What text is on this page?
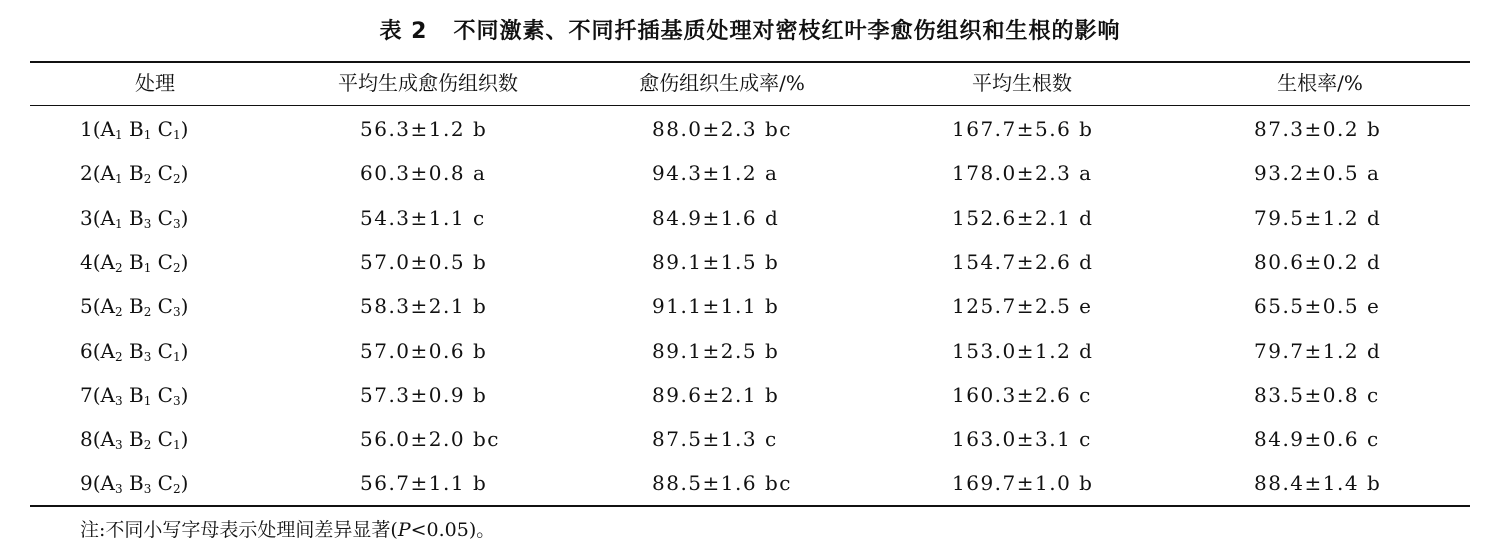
表 2   不同激素、不同扦插基质处理对密枝红叶李愈伤组织和生根的影响
处理	平均生成愈伤组织数	愈伤组织生成率/%	平均生根数	生根率/%
$1(A_1$ $B_1$ $C_1$)	56.3±1.2 b	88.0±2.3 bc	167.7±5.6 b	87.3±0.2 b
$2(A_1$ $B_2$ $C_2$)	60.3±0.8 a	94.3±1.2 a	178.0±2.3 a	93.2±0.5 a
$3(A_1$ $B_3$ $C_3$)	54.3±1.1 c	84.9±1.6 d	152.6±2.1 d	79.5±1.2 d
$4(A_2$ $B_1$ $C_2$)	57.0±0.5 b	89.1±1.5 b	154.7±2.6 d	80.6±0.2 d
$5(A_2$ $B_2$ $C_3$)	58.3±2.1 b	91.1±1.1 b	125.7±2.5 e	65.5±0.5 e
$6(A_2$ $B_3$ $C_1$)	57.0±0.6 b	89.1±2.5 b	153.0±1.2 d	79.7±1.2 d
$7(A_3$ $B_1$ $C_3$)	57.3±0.9 b	89.6±2.1 b	160.3±2.6 c	83.5±0.8 c
$8(A_3$ $B_2$ $C_1$)	56.0±2.0 bc	87.5±1.3 c	163.0±3.1 c	84.9±0.6 c
$9(A_3$ $B_3$ $C_2$)	56.7±1.1 b	88.5±1.6 bc	169.7±1.0 b	88.4±1.4 b
注:不同小写字母表示处理间差异显著(P<0.05)。
